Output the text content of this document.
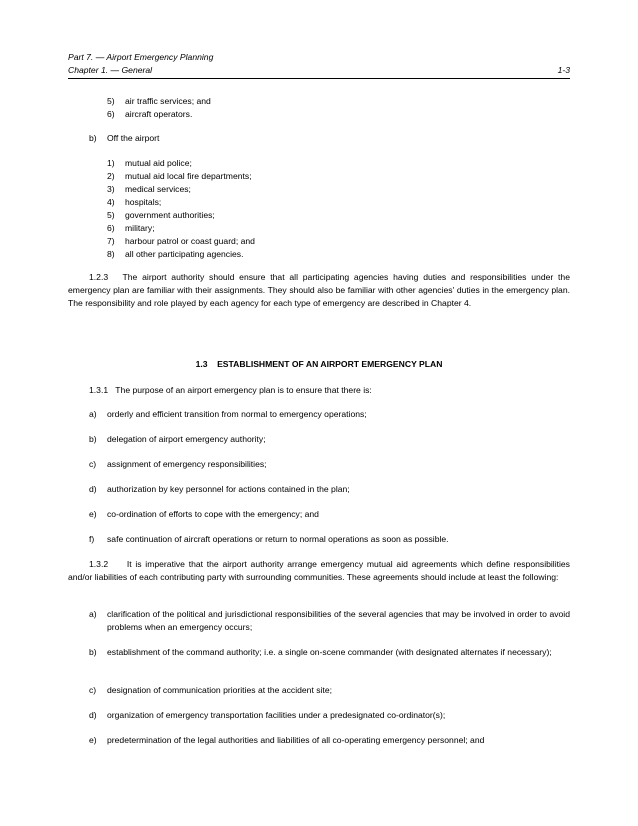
Part 7. — Airport Emergency Planning
Chapter 1. — General	1-3
5) air traffic services; and
6) aircraft operators.
b) Off the airport
1) mutual aid police;
2) mutual aid local fire departments;
3) medical services;
4) hospitals;
5) government authorities;
6) military;
7) harbour patrol or coast guard; and
8) all other participating agencies.
1.2.3 The airport authority should ensure that all participating agencies having duties and responsibilities under the emergency plan are familiar with their assignments. They should also be familiar with other agencies' duties in the emergency plan. The responsibility and role played by each agency for each type of emergency are described in Chapter 4.
1.3 ESTABLISHMENT OF AN AIRPORT EMERGENCY PLAN
1.3.1 The purpose of an airport emergency plan is to ensure that there is:
a) orderly and efficient transition from normal to emergency operations;
b) delegation of airport emergency authority;
c) assignment of emergency responsibilities;
d) authorization by key personnel for actions contained in the plan;
e) co-ordination of efforts to cope with the emergency; and
f) safe continuation of aircraft operations or return to normal operations as soon as possible.
1.3.2 It is imperative that the airport authority arrange emergency mutual aid agreements which define responsibilities and/or liabilities of each contributing party with surrounding communities. These agreements should include at least the following:
a) clarification of the political and jurisdictional responsibilities of the several agencies that may be involved in order to avoid problems when an emergency occurs;
b) establishment of the command authority; i.e. a single on-scene commander (with designated alternates if necessary);
c) designation of communication priorities at the accident site;
d) organization of emergency transportation facilities under a predesignated co-ordinator(s);
e) predetermination of the legal authorities and liabilities of all co-operating emergency personnel; and
